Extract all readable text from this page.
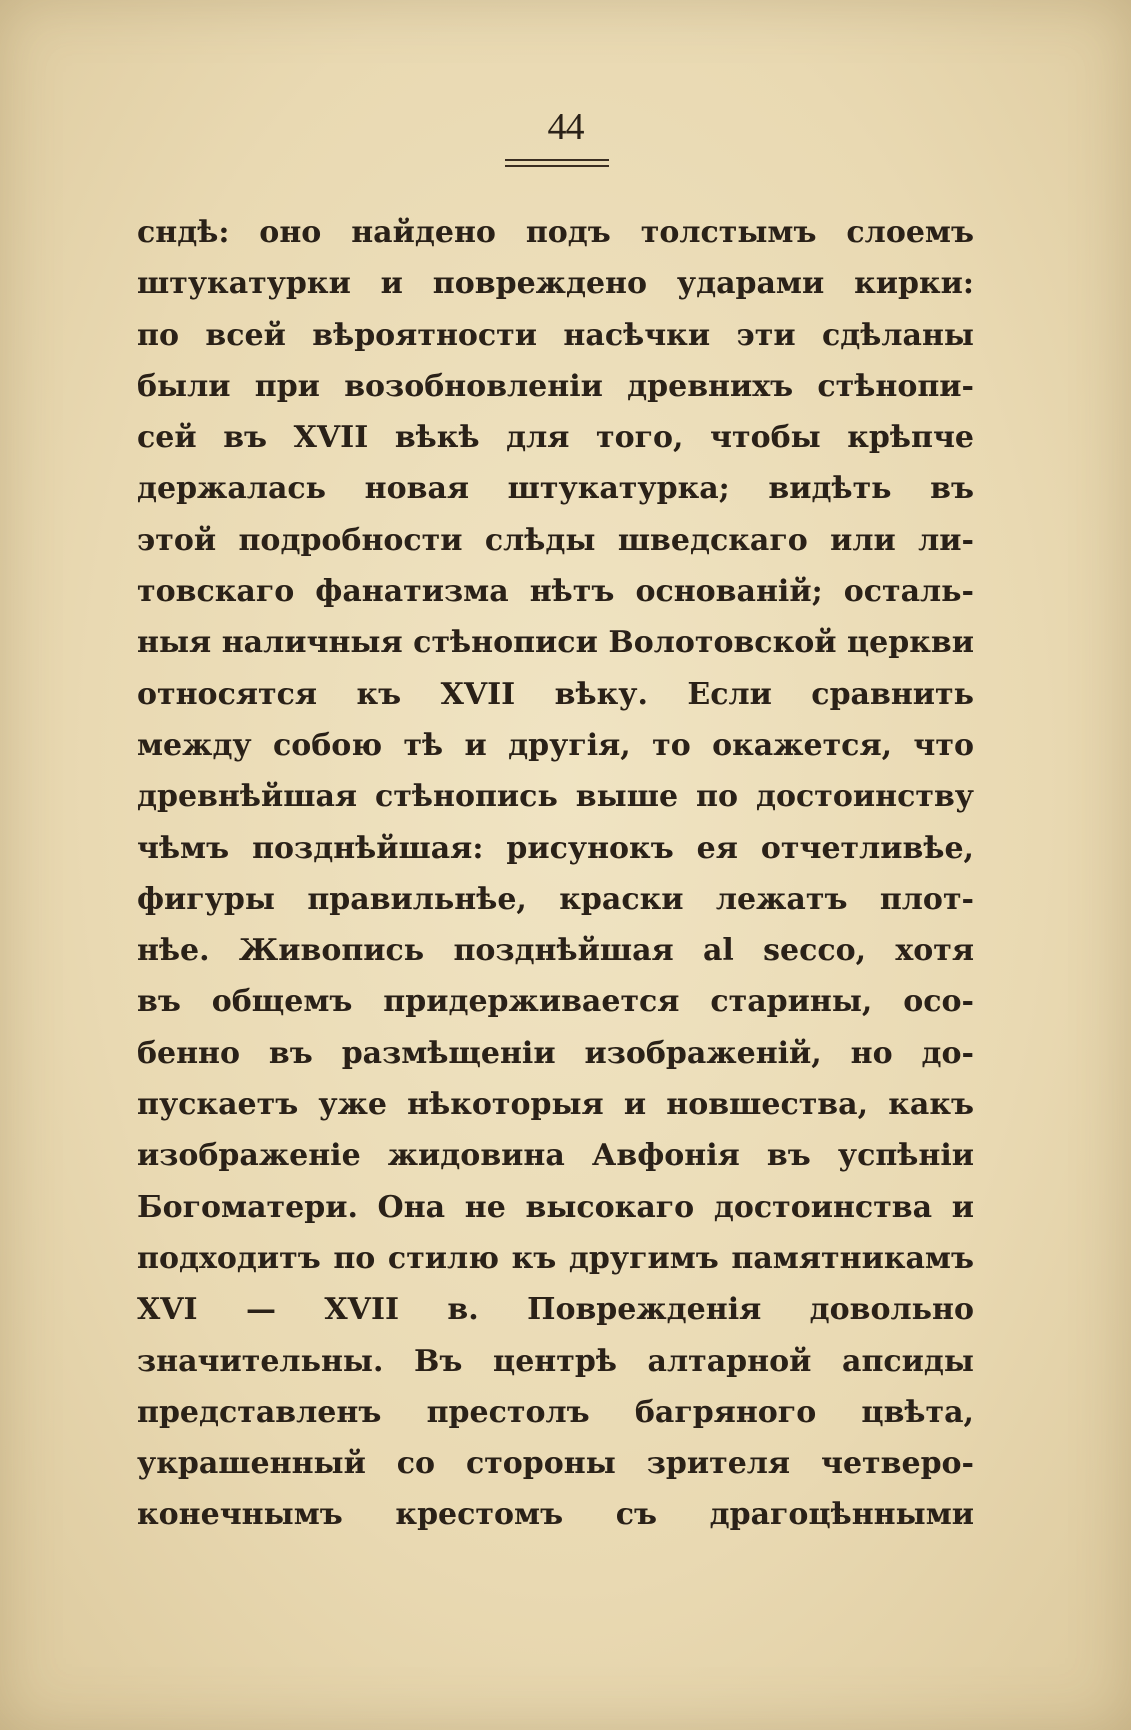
44
сндѣ: оно найдено подъ толстымъ слоемъ
штукатурки и повреждено ударами кирки:
по всей вѣроятности насѣчки эти сдѣланы
были при возобновленіи древнихъ стѣнопи-
сей въ XVII вѣкѣ для того, чтобы крѣпче
держалась новая штукатурка; видѣть въ
этой подробности слѣды шведскаго или ли-
товскаго фанатизма нѣтъ основаній; осталь-
ныя наличныя стѣнописи Волотовской церкви
относятся къ XVII вѣку. Если сравнить
между собою тѣ и другія, то окажется, что
древнѣйшая стѣнопись выше по достоинству
чѣмъ позднѣйшая: рисунокъ ея отчетливѣе,
фигуры правильнѣе, краски лежатъ плот-
нѣе. Живопись позднѣйшая al secco, хотя
въ общемъ придерживается старины, осо-
бенно въ размѣщеніи изображеній, но до-
пускаетъ уже нѣкоторыя и новшества, какъ
изображеніе жидовина Авфонія въ успѣніи
Богоматери. Она не высокаго достоинства и
подходитъ по стилю къ другимъ памятникамъ
XVI — XVII в. Поврежденія довольно
значительны. Въ центрѣ алтарной апсиды
представленъ престолъ багряного цвѣта,
украшенный со стороны зрителя четверо-
конечнымъ крестомъ съ драгоцѣнными
